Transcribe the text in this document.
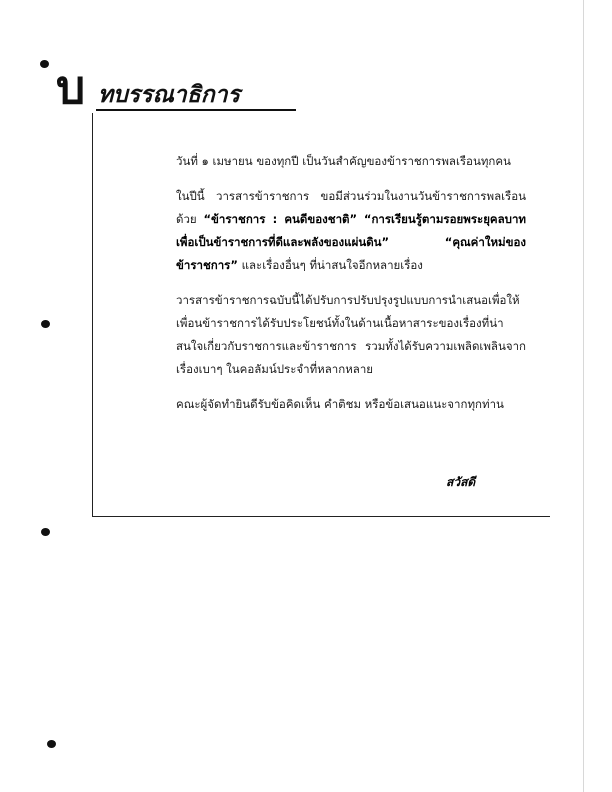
บ ทบรรณาธิการ

วันที่ ๑ เมษายน ของทุกปี เป็นวันสำคัญของข้าราชการพลเรือนทุกคน

ในปีนี้ วารสารข้าราชการ ขอมีส่วนร่วมในงานวันข้าราชการพลเรือนด้วย “ข้าราชการ : คนดีของชาติ” “การเรียนรู้ตามรอยพระยุคลบาท เพื่อเป็นข้าราชการที่ดีและพลังของแผ่นดิน”	“คุณค่าใหม่ของข้าราชการ” และเรื่องอื่นๆ ที่น่าสนใจอีกหลายเรื่อง

วารสารข้าราชการฉบับนี้ได้ปรับการปรับปรุงรูปแบบการนำเสนอเพื่อให้เพื่อนข้าราชการได้รับประโยชน์ทั้งในด้านเนื้อหาสาระของเรื่องที่น่าสนใจเกี่ยวกับราชการและข้าราชการ รวมทั้งได้รับความเพลิดเพลินจากเรื่องเบาๆ ในคอลัมน์ประจำที่หลากหลาย

คณะผู้จัดทำยินดีรับข้อคิดเห็น คำติชม หรือข้อเสนอแนะจากทุกท่าน

สวัสดี
